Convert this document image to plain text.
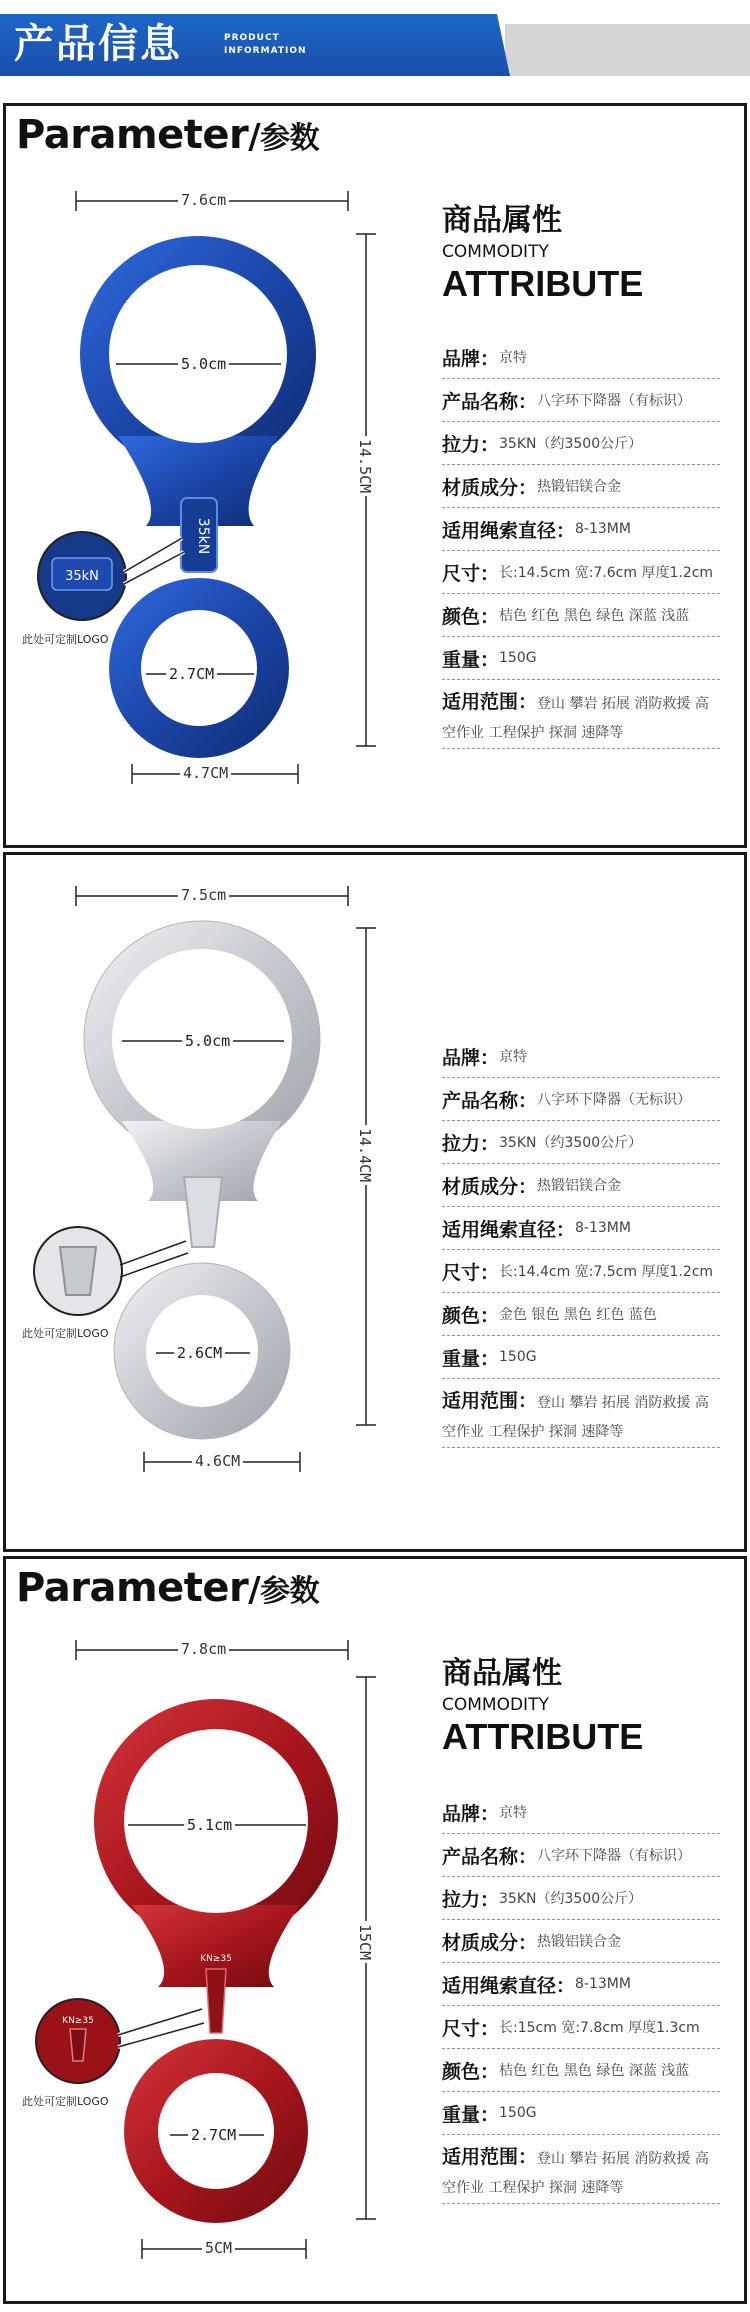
产品信息	PRODUCT
INFORMATION
Parameter/参数
35kN
35kN
7.6cm
5.0cm
14.5CM
2.7CM
4.7CM
此处可定制LOGO
商品属性
COMMODITY
ATTRIBUTE
品牌： 京特
产品名称： 八字环下降器（有标识）
拉力： 35KN（约3500公斤）
材质成分： 热锻铝镁合金
适用绳索直径： 8-13MM
尺寸： 长:14.5cm 宽:7.6cm 厚度1.2cm
颜色： 桔色 红色 黑色 绿色 深蓝 浅蓝
重量： 150G
适用范围：登山 攀岩 拓展 消防救援 高空作业 工程保护 探洞 速降等
7.5cm
5.0cm
14.4CM
2.6CM
4.6CM
此处可定制LOGO
品牌： 京特
产品名称： 八字环下降器（无标识）
拉力： 35KN（约3500公斤）
材质成分： 热锻铝镁合金
适用绳索直径： 8-13MM
尺寸： 长:14.4cm 宽:7.5cm 厚度1.2cm
颜色： 金色 银色 黑色 红色 蓝色
重量： 150G
适用范围：登山 攀岩 拓展 消防救援 高空作业 工程保护 探洞 速降等
Parameter/参数
KN≥35
KN≥35
7.8cm
5.1cm
15CM
2.7CM
5CM
此处可定制LOGO
商品属性
COMMODITY
ATTRIBUTE
品牌： 京特
产品名称： 八字环下降器（有标识）
拉力： 35KN（约3500公斤）
材质成分： 热锻铝镁合金
适用绳索直径： 8-13MM
尺寸： 长:15cm 宽:7.8cm 厚度1.3cm
颜色： 桔色 红色 黑色 绿色 深蓝 浅蓝
重量： 150G
适用范围：登山 攀岩 拓展 消防救援 高空作业 工程保护 探洞 速降等
